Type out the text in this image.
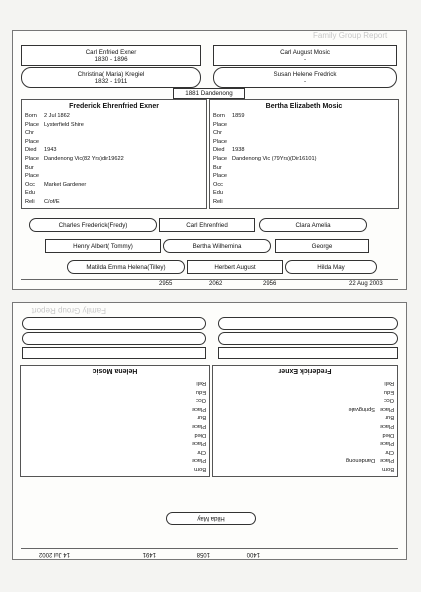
Family Group Report
Carl Enfried Exner
1830 - 1896
Christina( Maria) Kregiel
1832 - 1911
Carl August Mosic
-
Susan Helene Fredrick
-
1881 Dandenong
Frederick Ehrenfried Exner
Born 2 Jul 1862
Place Lysterfield Shire
Chr
Place
Died 1943
Place Dandenong Vic(82 Yrs)dir19622
Bur
Place
Occ Market Gardener
Edu
Reli C/of/E
Bertha Elizabeth Mosic
Born 1859
Place
Chr
Place
Died 1938
Place Dandenong Vic (79Yrs)(Dir16101)
Bur
Place
Occ
Edu
Reli
Charles Frederick(Fredy)	Carl Ehrenfried	Clara Amelia
Henry Albert( Tommy)	Bertha Wilhemina	George
Matilda Emma Helena(Tilley)	Herbert August	Hilda May
2955	2062	2956	22 Aug 2003
1400
1058
1491
14 Jul 2002
Hilda May
Frederick Exner
Born
Place
Dandenong
Chr
Place
Died
Place
Bur
Place
Springvale
Occ
Edu
Reli
Helena Mosic
Born
Place
Chr
Place
Died
Place
Bur
Place
Occ
Edu
Reli
Family Group Report
